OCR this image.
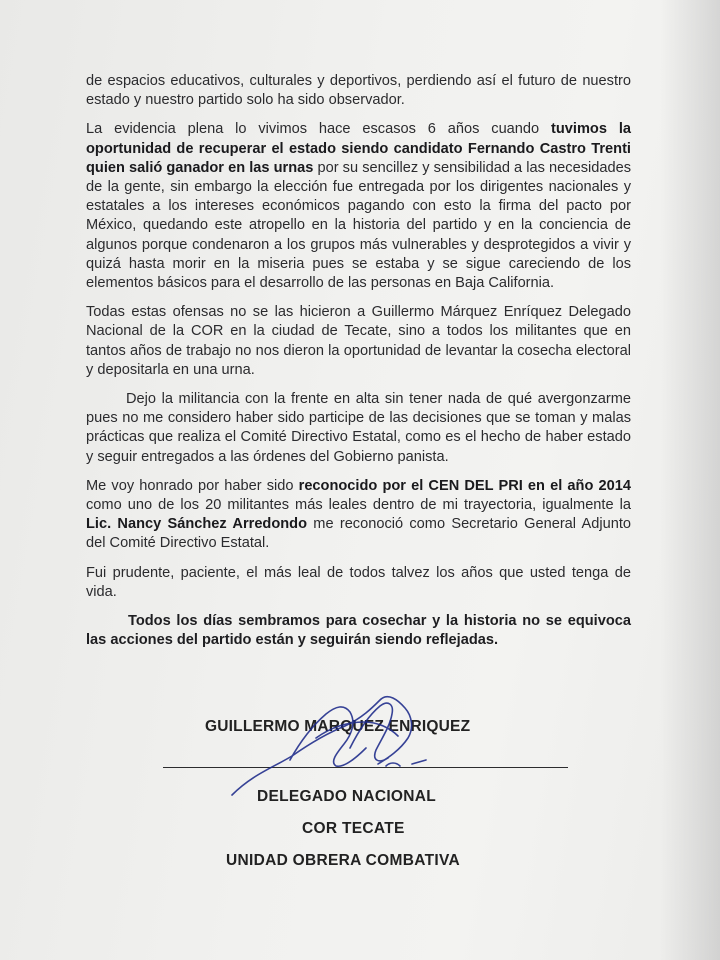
de espacios educativos, culturales y deportivos, perdiendo así el futuro de nuestro estado y nuestro partido solo ha sido observador.

La evidencia plena lo vivimos hace escasos 6 años cuando tuvimos la oportunidad de recuperar el estado siendo candidato Fernando Castro Trenti quien salió ganador en las urnas por su sencillez y sensibilidad a las necesidades de la gente, sin embargo la elección fue entregada por los dirigentes nacionales y estatales a los intereses económicos pagando con esto la firma del pacto por México, quedando este atropello en la historia del partido y en la conciencia de algunos porque condenaron a los grupos más vulnerables y desprotegidos a vivir y quizá hasta morir en la miseria pues se estaba y se sigue careciendo de los elementos básicos para el desarrollo de las personas en Baja California.

Todas estas ofensas no se las hicieron a Guillermo Márquez Enríquez Delegado Nacional de la COR en la ciudad de Tecate, sino a todos los militantes que en tantos años de trabajo no nos dieron la oportunidad de levantar la cosecha electoral y depositarla en una urna.

Dejo la militancia con la frente en alta sin tener nada de qué avergonzarme pues no me considero haber sido participe de las decisiones que se toman y malas prácticas que realiza el Comité Directivo Estatal, como es el hecho de haber estado y seguir entregados a las órdenes del Gobierno panista.

Me voy honrado por haber sido reconocido por el CEN DEL PRI en el año 2014 como uno de los 20 militantes más leales dentro de mi trayectoria, igualmente la Lic. Nancy Sánchez Arredondo me reconoció como Secretario General Adjunto del Comité Directivo Estatal.

Fui prudente, paciente, el más leal de todos talvez los años que usted tenga de vida.

Todos los días sembramos para cosechar y la historia no se equivoca las acciones del partido están y seguirán siendo reflejadas.

GUILLERMO MARQUEZ ENRIQUEZ
DELEGADO NACIONAL
COR TECATE
UNIDAD OBRERA COMBATIVA
